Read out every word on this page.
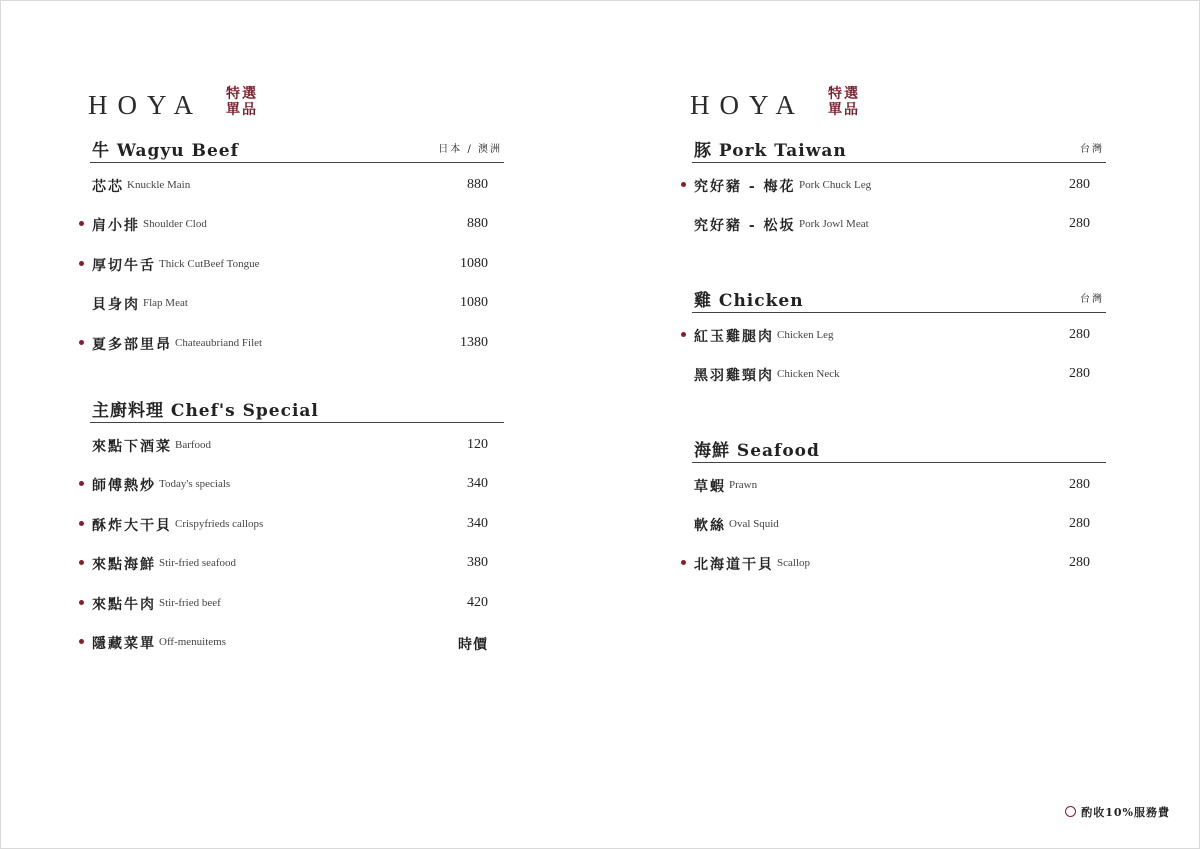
HOYA 特選
單品
牛 Wagyu Beef	日本 / 澳洲
芯芯 Knuckle Main	880
肩小排 Shoulder Clod	880
厚切牛舌 Thick CutBeef Tongue	1080
貝身肉 Flap Meat	1080
夏多部里昂 Chateaubriand Filet	1380
主廚料理 Chef's Special
來點下酒菜 Barfood	120
師傅熱炒 Today's specials	340
酥炸大干貝 Crispyfrieds callops	340
來點海鮮 Stir-fried seafood	380
來點牛肉 Stir-fried beef	420
隱藏菜單 Off-menuitems	時價
HOYA 特選
單品
豚 Pork Taiwan	台灣
究好豬 - 梅花 Pork Chuck Leg	280
究好豬 - 松坂 Pork Jowl Meat	280
雞 Chicken	台灣
紅玉雞腿肉 Chicken Leg	280
黑羽雞頸肉 Chicken Neck	280
海鮮 Seafood
草蝦 Prawn	280
軟絲 Oval Squid	280
北海道干貝 Scallop	280
酌收10%服務費
